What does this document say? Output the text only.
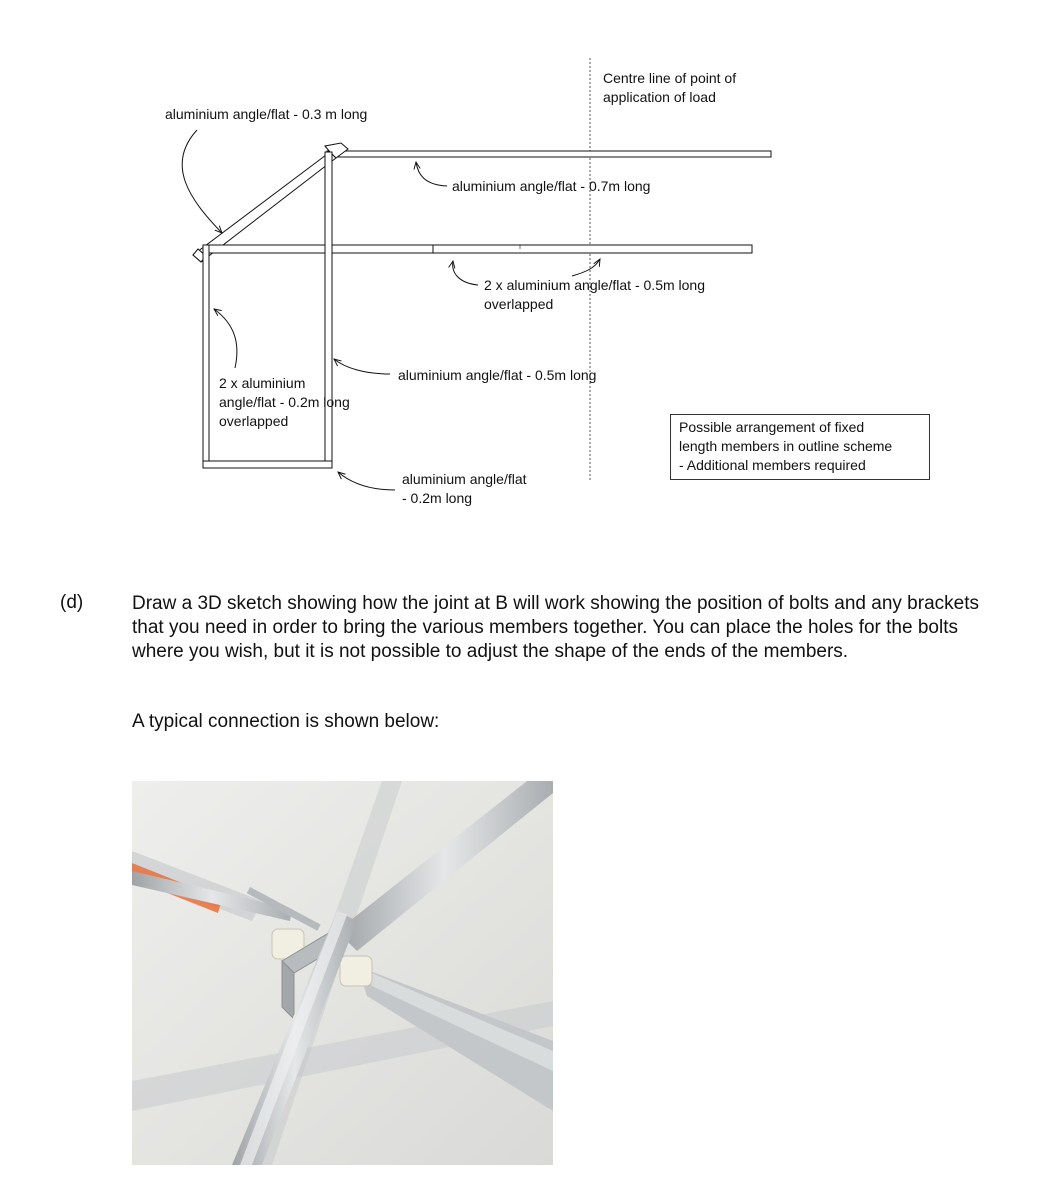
aluminium angle/flat - 0.3 m long
Centre line of point of
application of load
aluminium angle/flat - 0.7m long
2 x aluminium angle/flat - 0.5m long
overlapped
aluminium angle/flat - 0.5m long
2 x aluminium
angle/flat - 0.2m long
overlapped
aluminium angle/flat
- 0.2m long
Possible arrangement of fixed
length members in outline scheme
- Additional members required
(d)	Draw a 3D sketch showing how the joint at B will work showing the position of bolts and any brackets that you need in order to bring the various members together. You can place the holes for the bolts where you wish, but it is not possible to adjust the shape of the ends of the members.
A typical connection is shown below:
